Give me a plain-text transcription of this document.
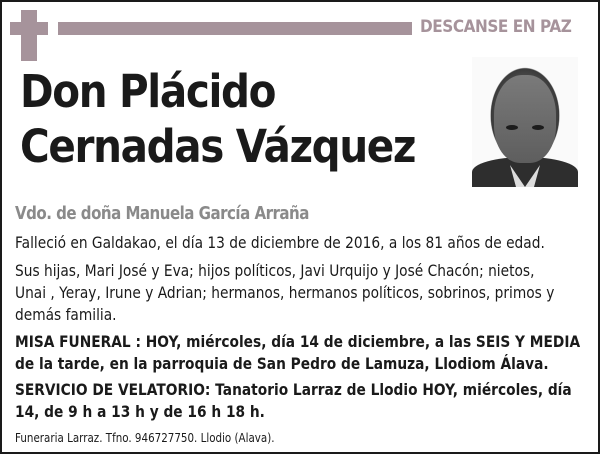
DESCANSE EN PAZ
Don Plácido
Cernadas Vázquez
Vdo. de doña Manuela García Arraña
Falleció en Galdakao, el día 13 de diciembre de 2016, a los 81 años de edad.
Sus hijas, Mari José y Eva; hijos políticos, Javi Urquijo y José Chacón; nietos,
Unai , Yeray, Irune y Adrian; hermanos, hermanos políticos, sobrinos, primos y
demás familia.
MISA FUNERAL : HOY, miércoles, día 14 de diciembre, a las SEIS Y MEDIA
de la tarde, en la parroquia de San Pedro de Lamuza, Llodiom Álava.
SERVICIO DE VELATORIO: Tanatorio Larraz de Llodio HOY, miércoles, día
14, de 9 h a 13 h y de 16 h 18 h.
Funeraria Larraz. Tfno. 946727750. Llodio (Alava).
